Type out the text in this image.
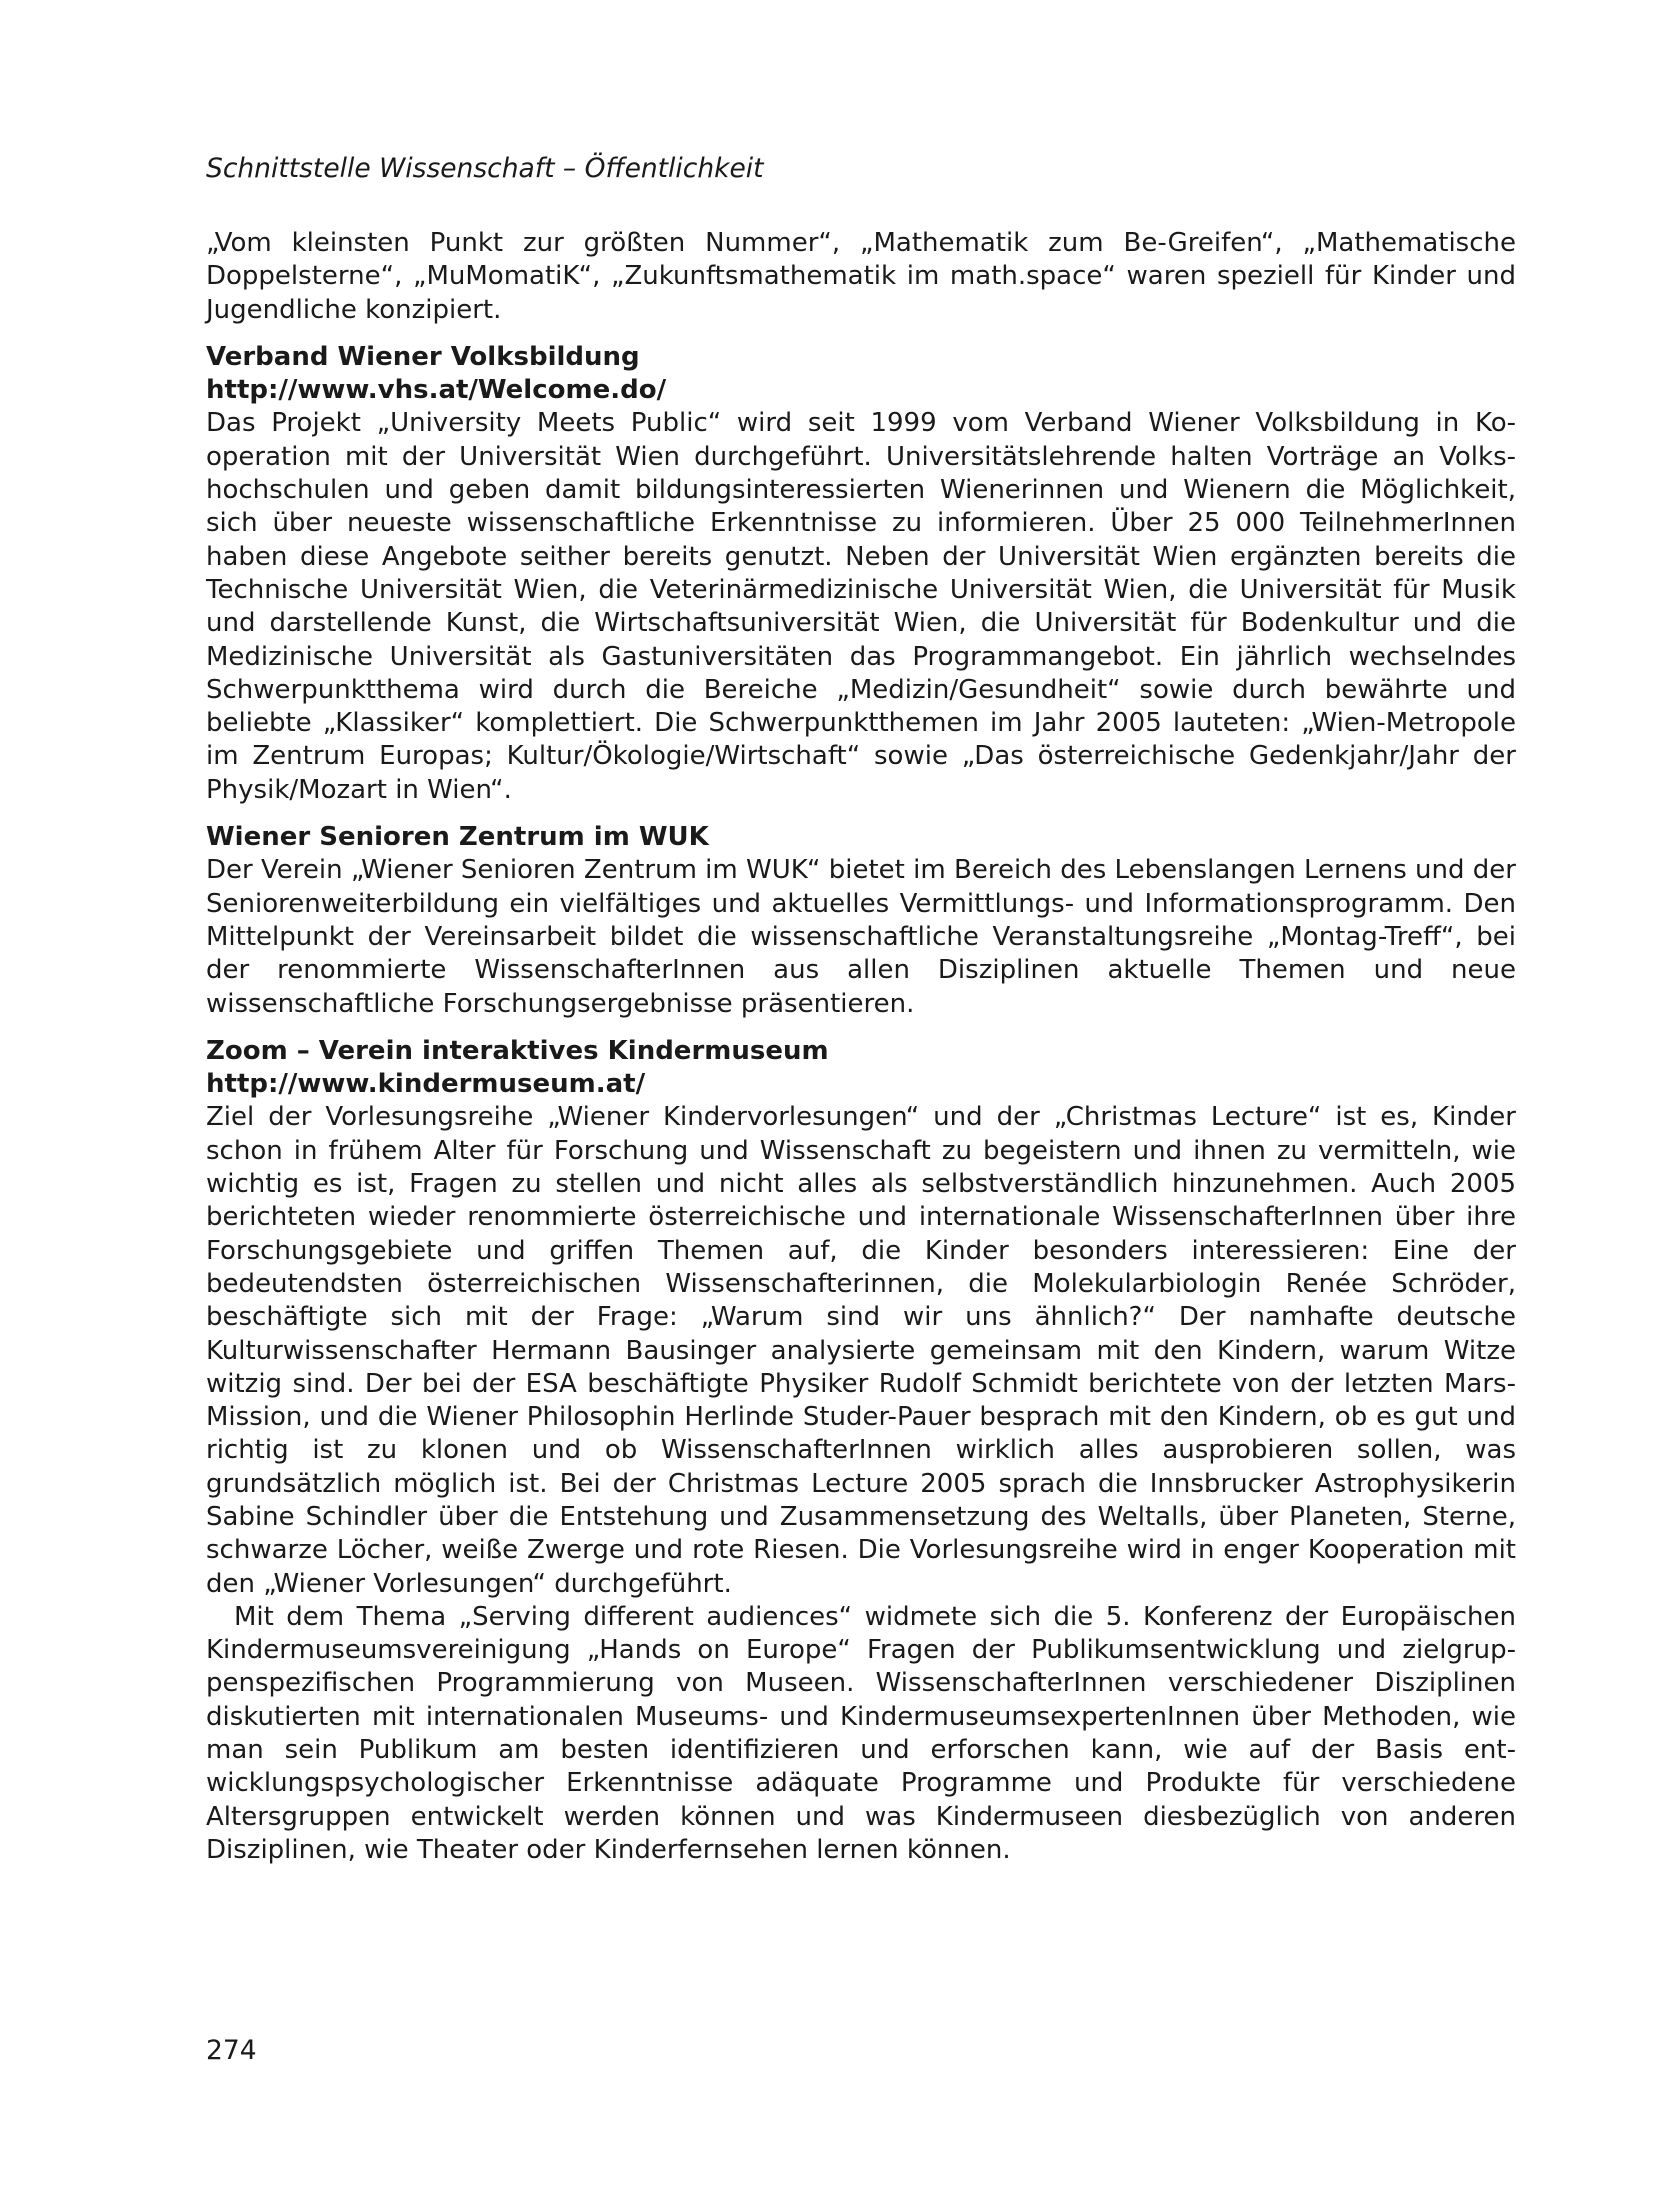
Schnittstelle Wissenschaft – Öffentlichkeit

„Vom kleinsten Punkt zur größten Nummer“, „Mathematik zum Be-Greifen“, „Mathematische Doppelsterne“, „MuMomatiK“, „Zukunftsmathematik im math.space“ waren speziell für Kinder und Jugendliche konzipiert.

Verband Wiener Volksbildung
http://www.vhs.at/Welcome.do/

Das Projekt „University Meets Public“ wird seit 1999 vom Verband Wiener Volksbildung in Kooperation mit der Universität Wien durchgeführt. Universitätslehrende halten Vorträge an Volkshochschulen und geben damit bildungsinteressierten Wienerinnen und Wienern die Möglichkeit, sich über neueste wissenschaftliche Erkenntnisse zu informieren. Über 25 000 TeilnehmerInnen haben diese Angebote seither bereits genutzt. Neben der Universität Wien ergänzten bereits die Technische Universität Wien, die Veterinärmedizinische Universität Wien, die Universität für Musik und darstellende Kunst, die Wirtschaftsuniversität Wien, die Universität für Bodenkultur und die Medizinische Universität als Gastuniversitäten das Programmangebot. Ein jährlich wechselndes Schwerpunktthema wird durch die Bereiche „Medizin/Gesundheit“ sowie durch bewährte und beliebte „Klassiker“ komplettiert. Die Schwerpunktthemen im Jahr 2005 lauteten: „Wien-Metropole im Zentrum Europas; Kultur/Ökologie/Wirtschaft“ sowie „Das österreichische Gedenkjahr/Jahr der Physik/Mozart in Wien“.

Wiener Senioren Zentrum im WUK

Der Verein „Wiener Senioren Zentrum im WUK“ bietet im Bereich des Lebenslangen Lernens und der Seniorenweiterbildung ein vielfältiges und aktuelles Vermittlungs- und Informationsprogramm. Den Mittelpunkt der Vereinsarbeit bildet die wissenschaftliche Veranstaltungsreihe „Montag-Treff“, bei der renommierte WissenschafterInnen aus allen Disziplinen aktuelle Themen und neue wissenschaftliche Forschungsergebnisse präsentieren.

Zoom – Verein interaktives Kindermuseum
http://www.kindermuseum.at/

Ziel der Vorlesungsreihe „Wiener Kindervorlesungen“ und der „Christmas Lecture“ ist es, Kinder schon in frühem Alter für Forschung und Wissenschaft zu begeistern und ihnen zu vermitteln, wie wichtig es ist, Fragen zu stellen und nicht alles als selbstverständlich hinzunehmen. Auch 2005 berichteten wieder renommierte österreichische und internationale WissenschafterInnen über ihre Forschungsgebiete und griffen Themen auf, die Kinder besonders interessieren: Eine der bedeutendsten österreichischen Wissenschafterinnen, die Molekularbiologin Renée Schröder, beschäftigte sich mit der Frage: „Warum sind wir uns ähnlich?“ Der namhafte deutsche Kulturwissenschafter Hermann Bausinger analysierte gemeinsam mit den Kindern, warum Witze witzig sind. Der bei der ESA beschäftigte Physiker Rudolf Schmidt berichtete von der letzten Mars-Mission, und die Wiener Philosophin Herlinde Studer-Pauer besprach mit den Kindern, ob es gut und richtig ist zu klonen und ob WissenschafterInnen wirklich alles ausprobieren sollen, was grundsätzlich möglich ist. Bei der Christmas Lecture 2005 sprach die Innsbrucker Astrophysikerin Sabine Schindler über die Entstehung und Zusammensetzung des Weltalls, über Planeten, Sterne, schwarze Löcher, weiße Zwerge und rote Riesen. Die Vorlesungsreihe wird in enger Kooperation mit den „Wiener Vorlesungen“ durchgeführt.

Mit dem Thema „Serving different audiences“ widmete sich die 5. Konferenz der Europäischen Kindermuseumsvereinigung „Hands on Europe“ Fragen der Publikumsentwicklung und zielgruppenspezifischen Programmierung von Museen. WissenschafterInnen verschiedener Disziplinen diskutierten mit internationalen Museums- und KindermuseumsexpertenInnen über Methoden, wie man sein Publikum am besten identifizieren und erforschen kann, wie auf der Basis entwicklungspsychologischer Erkenntnisse adäquate Programme und Produkte für verschiedene Altersgruppen entwickelt werden können und was Kindermuseen diesbezüglich von anderen Disziplinen, wie Theater oder Kinderfernsehen lernen können.

274
